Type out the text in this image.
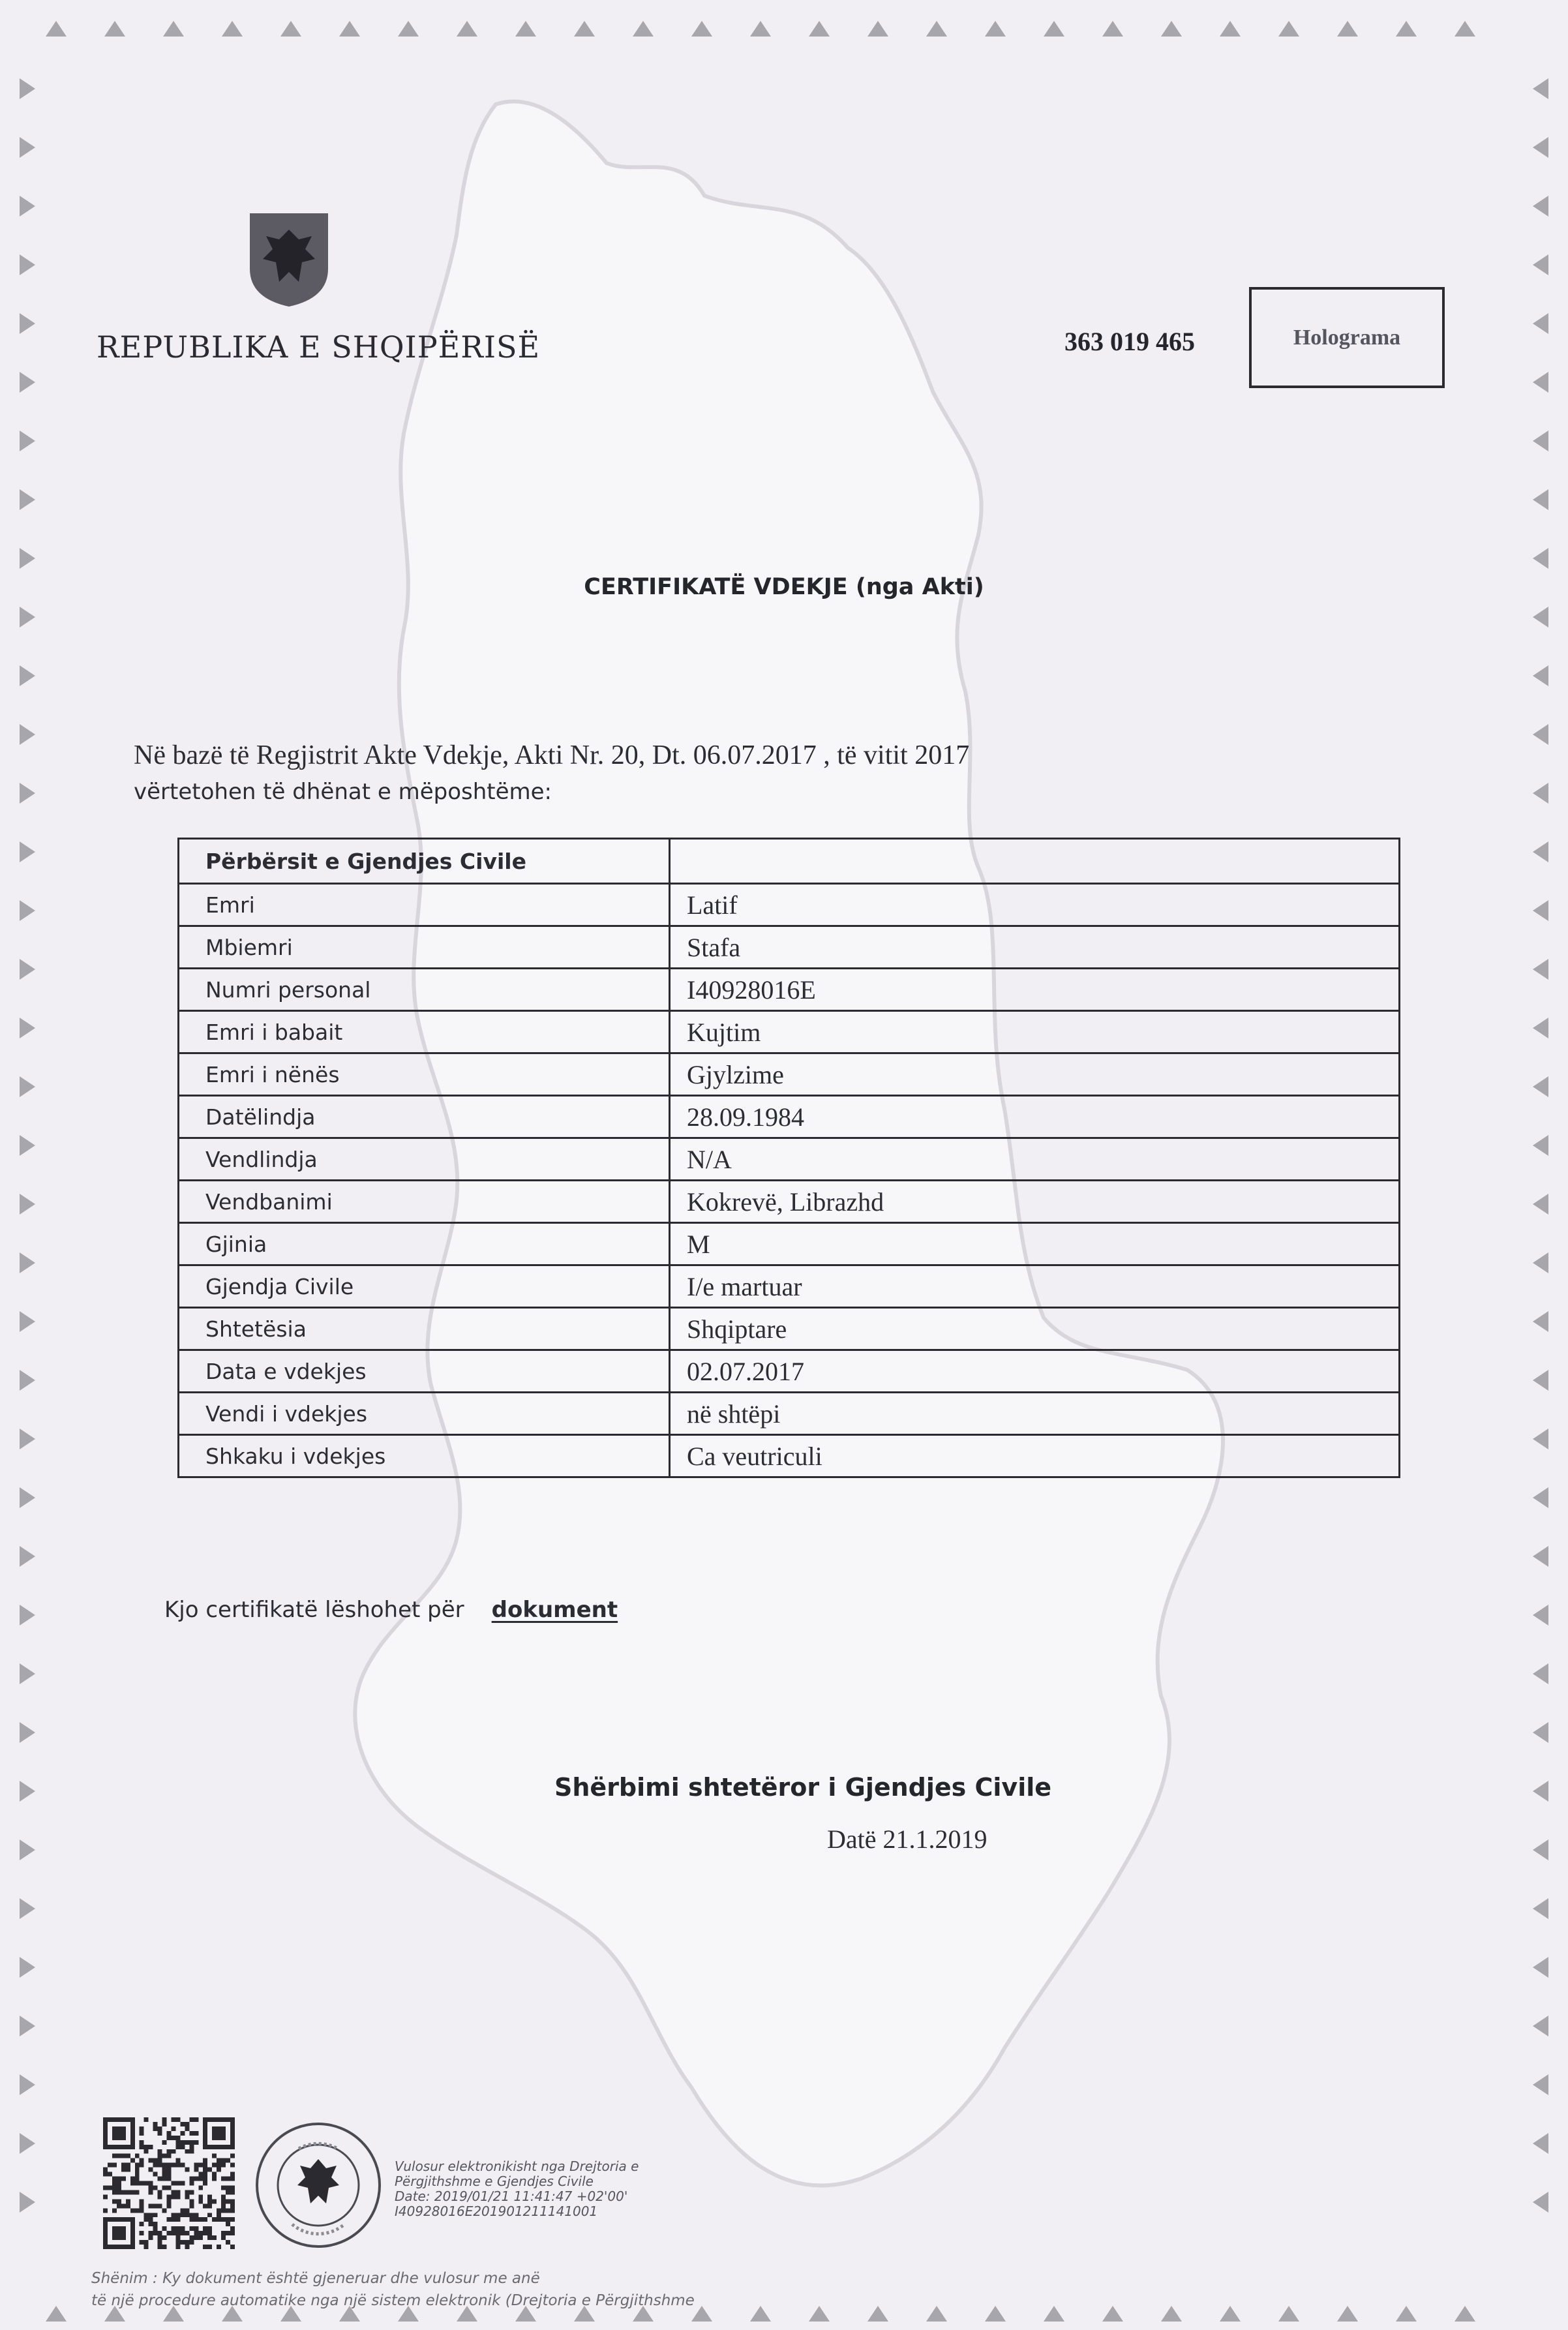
REPUBLIKA E SHQIPËRISË	363 019 465	Holograma
CERTIFIKATË VDEKJE (nga Akti)
Në bazë të Regjistrit Akte Vdekje, Akti Nr. 20, Dt. 06.07.2017 , të vitit 2017
vërtetohen të dhënat e mëposhtëme:
Përbërsit e Gjendjes Civile	
Emri	Latif
Mbiemri	Stafa
Numri personal	I40928016E
Emri i babait	Kujtim
Emri i nënës	Gjylzime
Datëlindja	28.09.1984
Vendlindja	N/A
Vendbanimi	Kokrevë, Librazhd
Gjinia	M
Gjendja Civile	I/e martuar
Shtetësia	Shqiptare
Data e vdekjes	02.07.2017
Vendi i vdekjes	në shtëpi
Shkaku i vdekjes	Ca veutriculi
Kjo certifikatë lëshohet për dokument
Shërbimi shtetëror i Gjendjes Civile
Datë 21.1.2019
Vulosur elektronikisht nga Drejtoria e
Përgjithshme e Gjendjes Civile
Date: 2019/01/21 11:41:47 +02'00'
I40928016E201901211141001
Shënim : Ky dokument është gjeneruar dhe vulosur me anë
të një procedure automatike nga një sistem elektronik (Drejtoria e Përgjithshme
